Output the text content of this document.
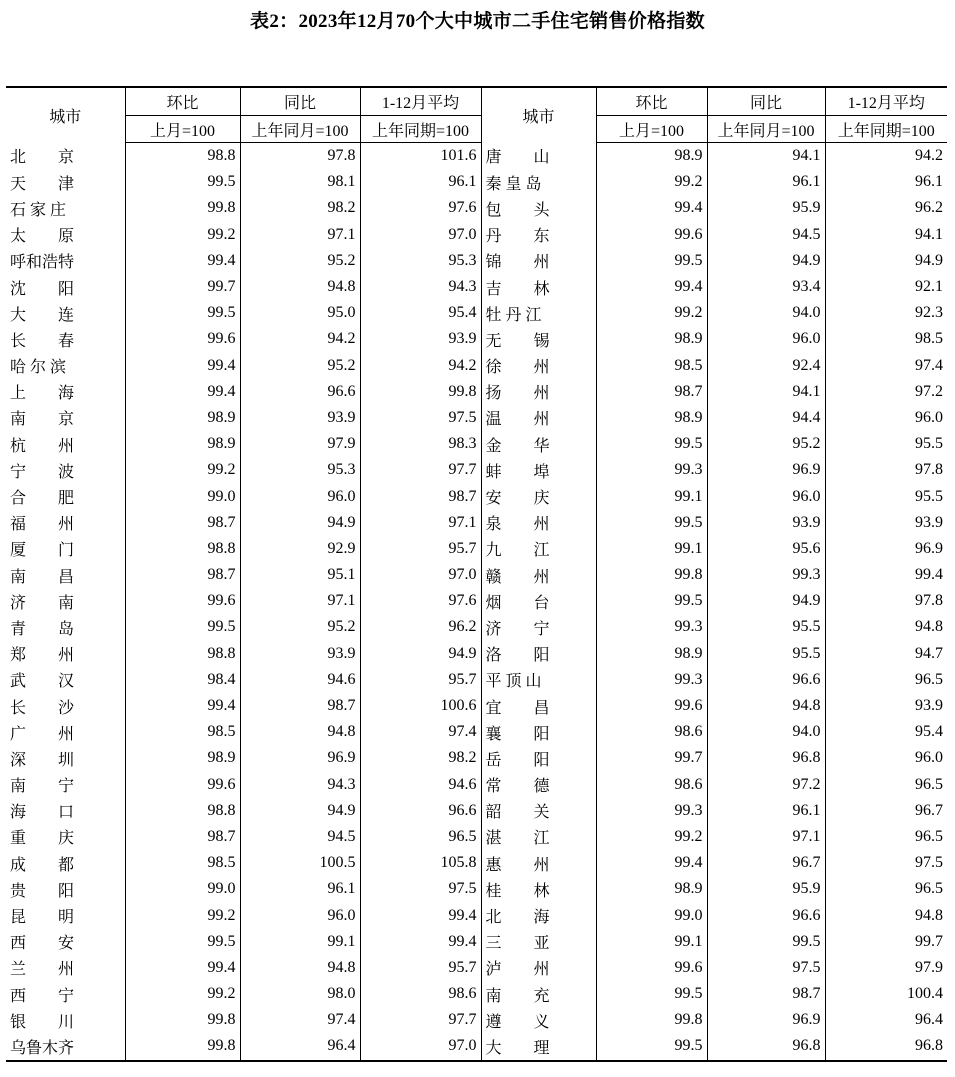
表2：2023年12月70个大中城市二手住宅销售价格指数
城市	环比	同比	1-12月平均	城市	环比	同比	1-12月平均
	上月=100	上年同月=100	上年同期=100		上月=100	上年同月=100	上年同期=100
北　　京	98.8	97.8	101.6	唐　　山	98.9	94.1	94.2
天　　津	99.5	98.1	96.1	秦 皇 岛	99.2	96.1	96.1
石 家 庄	99.8	98.2	97.6	包　　头	99.4	95.9	96.2
太　　原	99.2	97.1	97.0	丹　　东	99.6	94.5	94.1
呼和浩特	99.4	95.2	95.3	锦　　州	99.5	94.9	94.9
沈　　阳	99.7	94.8	94.3	吉　　林	99.4	93.4	92.1
大　　连	99.5	95.0	95.4	牡 丹 江	99.2	94.0	92.3
长　　春	99.6	94.2	93.9	无　　锡	98.9	96.0	98.5
哈 尔 滨	99.4	95.2	94.2	徐　　州	98.5	92.4	97.4
上　　海	99.4	96.6	99.8	扬　　州	98.7	94.1	97.2
南　　京	98.9	93.9	97.5	温　　州	98.9	94.4	96.0
杭　　州	98.9	97.9	98.3	金　　华	99.5	95.2	95.5
宁　　波	99.2	95.3	97.7	蚌　　埠	99.3	96.9	97.8
合　　肥	99.0	96.0	98.7	安　　庆	99.1	96.0	95.5
福　　州	98.7	94.9	97.1	泉　　州	99.5	93.9	93.9
厦　　门	98.8	92.9	95.7	九　　江	99.1	95.6	96.9
南　　昌	98.7	95.1	97.0	赣　　州	99.8	99.3	99.4
济　　南	99.6	97.1	97.6	烟　　台	99.5	94.9	97.8
青　　岛	99.5	95.2	96.2	济　　宁	99.3	95.5	94.8
郑　　州	98.8	93.9	94.9	洛　　阳	98.9	95.5	94.7
武　　汉	98.4	94.6	95.7	平 顶 山	99.3	96.6	96.5
长　　沙	99.4	98.7	100.6	宜　　昌	99.6	94.8	93.9
广　　州	98.5	94.8	97.4	襄　　阳	98.6	94.0	95.4
深　　圳	98.9	96.9	98.2	岳　　阳	99.7	96.8	96.0
南　　宁	99.6	94.3	94.6	常　　德	98.6	97.2	96.5
海　　口	98.8	94.9	96.6	韶　　关	99.3	96.1	96.7
重　　庆	98.7	94.5	96.5	湛　　江	99.2	97.1	96.5
成　　都	98.5	100.5	105.8	惠　　州	99.4	96.7	97.5
贵　　阳	99.0	96.1	97.5	桂　　林	98.9	95.9	96.5
昆　　明	99.2	96.0	99.4	北　　海	99.0	96.6	94.8
西　　安	99.5	99.1	99.4	三　　亚	99.1	99.5	99.7
兰　　州	99.4	94.8	95.7	泸　　州	99.6	97.5	97.9
西　　宁	99.2	98.0	98.6	南　　充	99.5	98.7	100.4
银　　川	99.8	97.4	97.7	遵　　义	99.8	96.9	96.4
乌鲁木齐	99.8	96.4	97.0	大　　理	99.5	96.8	96.8
